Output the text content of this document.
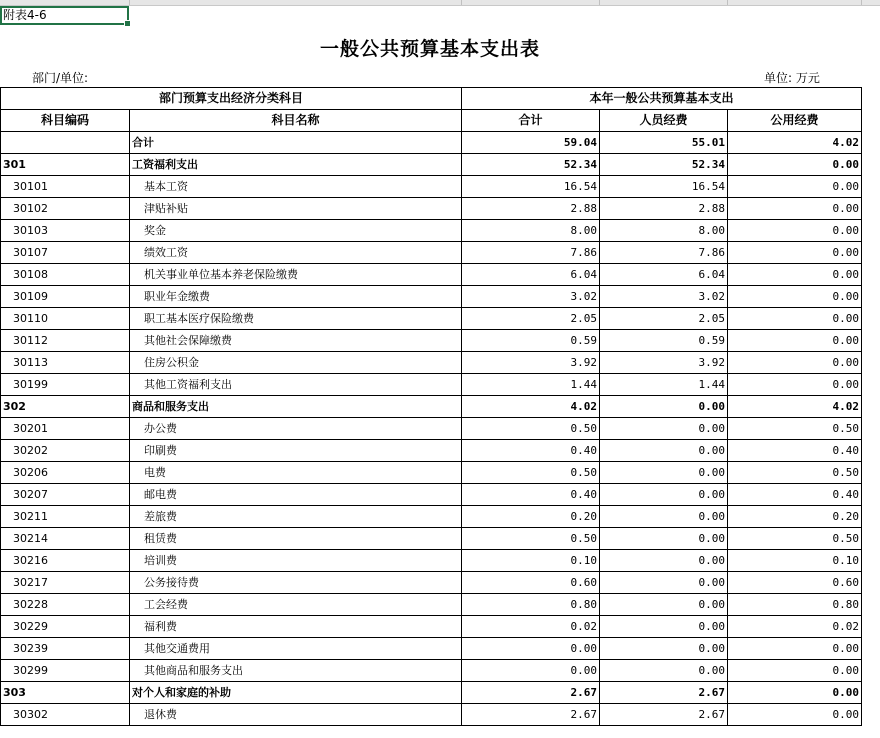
附表4-6
一般公共预算基本支出表
部门/单位:	单位: 万元
部门预算支出经济分类科目		本年一般公共预算基本支出		
科目编码	科目名称	合计	人员经费	公用经费
	合计	59.04	55.01	4.02
301	工资福利支出	52.34	52.34	0.00
30101	基本工资	16.54	16.54	0.00
30102	津贴补贴	2.88	2.88	0.00
30103	奖金	8.00	8.00	0.00
30107	绩效工资	7.86	7.86	0.00
30108	机关事业单位基本养老保险缴费	6.04	6.04	0.00
30109	职业年金缴费	3.02	3.02	0.00
30110	职工基本医疗保险缴费	2.05	2.05	0.00
30112	其他社会保障缴费	0.59	0.59	0.00
30113	住房公积金	3.92	3.92	0.00
30199	其他工资福利支出	1.44	1.44	0.00
302	商品和服务支出	4.02	0.00	4.02
30201	办公费	0.50	0.00	0.50
30202	印刷费	0.40	0.00	0.40
30206	电费	0.50	0.00	0.50
30207	邮电费	0.40	0.00	0.40
30211	差旅费	0.20	0.00	0.20
30214	租赁费	0.50	0.00	0.50
30216	培训费	0.10	0.00	0.10
30217	公务接待费	0.60	0.00	0.60
30228	工会经费	0.80	0.00	0.80
30229	福利费	0.02	0.00	0.02
30239	其他交通费用	0.00	0.00	0.00
30299	其他商品和服务支出	0.00	0.00	0.00
303	对个人和家庭的补助	2.67	2.67	0.00
30302	退休费	2.67	2.67	0.00
